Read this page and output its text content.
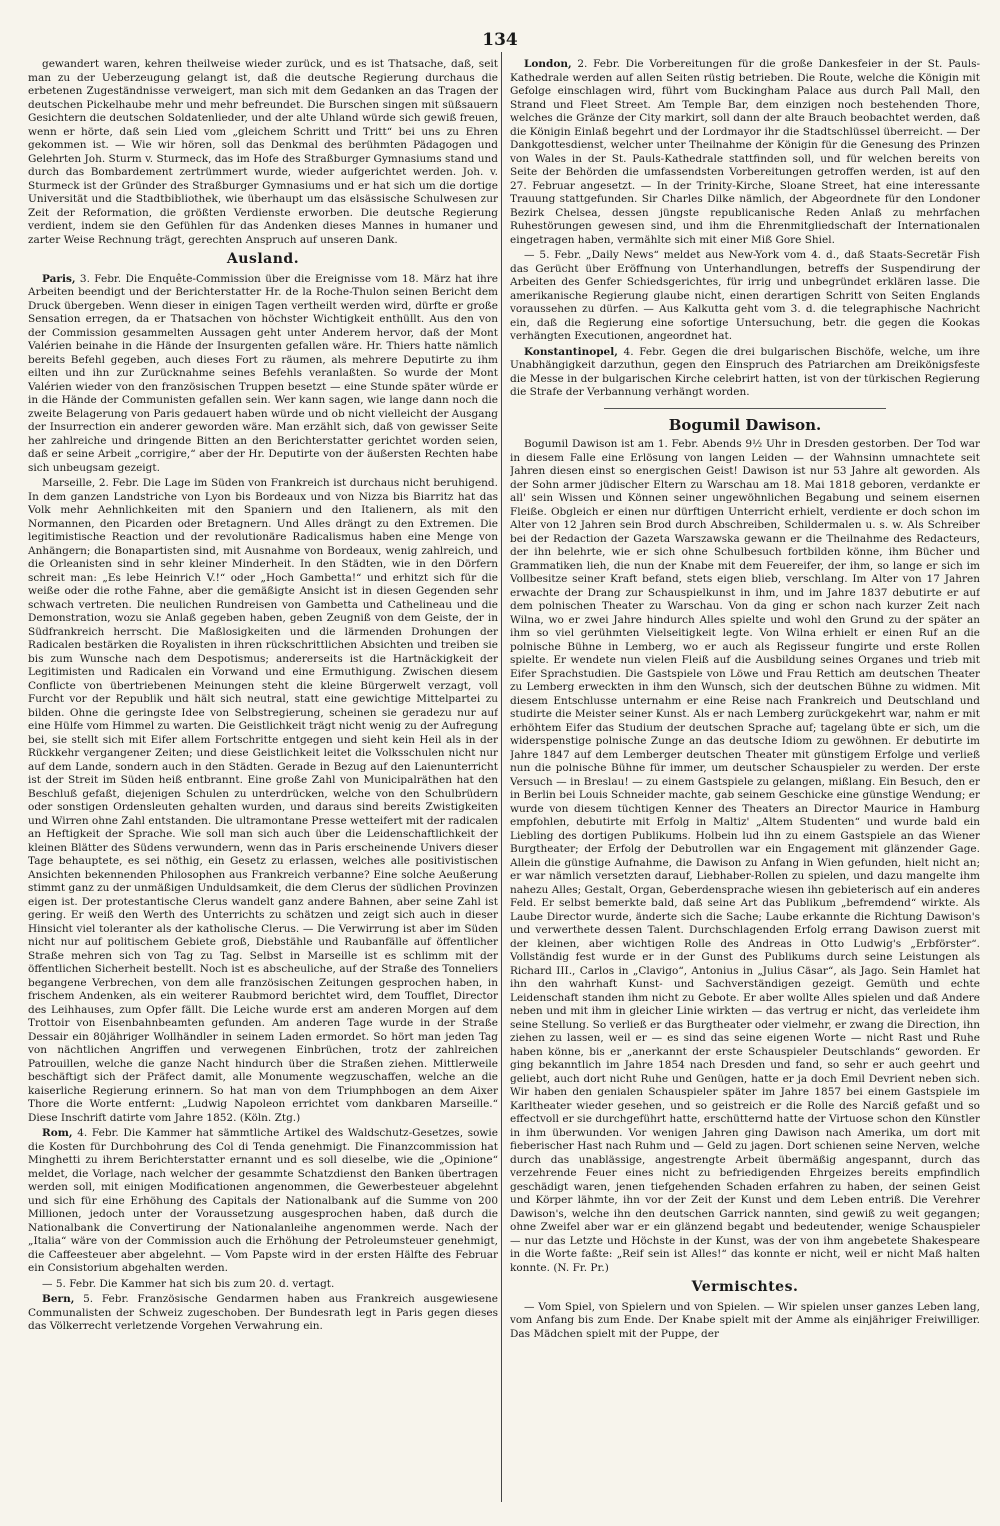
134

gewandert waren, kehren theilweise wieder zurück, und es ist Thatsache, daß, seit man zu der Ueberzeugung gelangt ist, daß die deutsche Regierung durchaus die erbetenen Zugeständnisse verweigert, man sich mit dem Gedanken an das Tragen der deutschen Pickelhaube mehr und mehr befreundet. Die Burschen singen mit süßsauern Gesichtern die deutschen Soldatenlieder, und der alte Uhland würde sich gewiß freuen, wenn er hörte, daß sein Lied vom „gleichem Schritt und Tritt“ bei uns zu Ehren gekommen ist. — Wie wir hören, soll das Denkmal des berühmten Pädagogen und Gelehrten Joh. Sturm v. Sturmeck, das im Hofe des Straßburger Gymnasiums stand und durch das Bombardement zertrümmert wurde, wieder aufgerichtet werden. Joh. v. Sturmeck ist der Gründer des Straßburger Gymnasiums und er hat sich um die dortige Universität und die Stadtbibliothek, wie überhaupt um das elsässische Schulwesen zur Zeit der Reformation, die größten Verdienste erworben. Die deutsche Regierung verdient, indem sie den Gefühlen für das Andenken dieses Mannes in humaner und zarter Weise Rechnung trägt, gerechten Anspruch auf unseren Dank.

Ausland.

Paris, 3. Febr. Die Enquête-Commission über die Ereignisse vom 18. März hat ihre Arbeiten beendigt und der Berichterstatter Hr. de la Roche-Thulon seinen Bericht dem Druck übergeben. Wenn dieser in einigen Tagen vertheilt werden wird, dürfte er große Sensation erregen, da er Thatsachen von höchster Wichtigkeit enthüllt. Aus den von der Commission gesammelten Aussagen geht unter Anderem hervor, daß der Mont Valérien beinahe in die Hände der Insurgenten gefallen wäre. Hr. Thiers hatte nämlich bereits Befehl gegeben, auch dieses Fort zu räumen, als mehrere Deputirte zu ihm eilten und ihn zur Zurücknahme seines Befehls veranlaßten. So wurde der Mont Valérien wieder von den französischen Truppen besetzt — eine Stunde später würde er in die Hände der Communisten gefallen sein. Wer kann sagen, wie lange dann noch die zweite Belagerung von Paris gedauert haben würde und ob nicht vielleicht der Ausgang der Insurrection ein anderer geworden wäre. Man erzählt sich, daß von gewisser Seite her zahlreiche und dringende Bitten an den Berichterstatter gerichtet worden seien, daß er seine Arbeit „corrigire,“ aber der Hr. Deputirte von der äußersten Rechten habe sich unbeugsam gezeigt.

Marseille, 2. Febr. Die Lage im Süden von Frankreich ist durchaus nicht beruhigend. In dem ganzen Landstriche von Lyon bis Bordeaux und von Nizza bis Biarritz hat das Volk mehr Aehnlichkeiten mit den Spaniern und den Italienern, als mit den Normannen, den Picarden oder Bretagnern. Und Alles drängt zu den Extremen. Die legitimistische Reaction und der revolutionäre Radicalismus haben eine Menge von Anhängern; die Bonapartisten sind, mit Ausnahme von Bordeaux, wenig zahlreich, und die Orleanisten sind in sehr kleiner Minderheit. In den Städten, wie in den Dörfern schreit man: „Es lebe Heinrich V.!“ oder „Hoch Gambetta!“ und erhitzt sich für die weiße oder die rothe Fahne, aber die gemäßigte Ansicht ist in diesen Gegenden sehr schwach vertreten. Die neulichen Rundreisen von Gambetta und Cathelineau und die Demonstration, wozu sie Anlaß gegeben haben, geben Zeugniß von dem Geiste, der in Südfrankreich herrscht. Die Maßlosigkeiten und die lärmenden Drohungen der Radicalen bestärken die Royalisten in ihren rückschrittlichen Absichten und treiben sie bis zum Wunsche nach dem Despotismus; andererseits ist die Hartnäckigkeit der Legitimisten und Radicalen ein Vorwand und eine Ermuthigung. Zwischen diesem Conflicte von übertriebenen Meinungen steht die kleine Bürgerwelt verzagt, voll Furcht vor der Republik und hält sich neutral, statt eine gewichtige Mittelpartei zu bilden. Ohne die geringste Idee von Selbstregierung, scheinen sie geradezu nur auf eine Hülfe vom Himmel zu warten. Die Geistlichkeit trägt nicht wenig zu der Aufregung bei, sie stellt sich mit Eifer allem Fortschritte entgegen und sieht kein Heil als in der Rückkehr vergangener Zeiten; und diese Geistlichkeit leitet die Volksschulen nicht nur auf dem Lande, sondern auch in den Städten. Gerade in Bezug auf den Laienunterricht ist der Streit im Süden heiß entbrannt. Eine große Zahl von Municipalräthen hat den Beschluß gefaßt, diejenigen Schulen zu unterdrücken, welche von den Schulbrüdern oder sonstigen Ordensleuten gehalten wurden, und daraus sind bereits Zwistigkeiten und Wirren ohne Zahl entstanden. Die ultramontane Presse wetteifert mit der radicalen an Heftigkeit der Sprache. Wie soll man sich auch über die Leidenschaftlichkeit der kleinen Blätter des Südens verwundern, wenn das in Paris erscheinende Univers dieser Tage behauptete, es sei nöthig, ein Gesetz zu erlassen, welches alle positivistischen Ansichten bekennenden Philosophen aus Frankreich verbanne? Eine solche Aeußerung stimmt ganz zu der unmäßigen Unduldsamkeit, die dem Clerus der südlichen Provinzen eigen ist. Der protestantische Clerus wandelt ganz andere Bahnen, aber seine Zahl ist gering. Er weiß den Werth des Unterrichts zu schätzen und zeigt sich auch in dieser Hinsicht viel toleranter als der katholische Clerus. — Die Verwirrung ist aber im Süden nicht nur auf politischem Gebiete groß, Diebstähle und Raubanfälle auf öffentlicher Straße mehren sich von Tag zu Tag. Selbst in Marseille ist es schlimm mit der öffentlichen Sicherheit bestellt. Noch ist es abscheuliche, auf der Straße des Tonneliers begangene Verbrechen, von dem alle französischen Zeitungen gesprochen haben, in frischem Andenken, als ein weiterer Raubmord berichtet wird, dem Toufflet, Director des Leihhauses, zum Opfer fällt. Die Leiche wurde erst am anderen Morgen auf dem Trottoir von Eisenbahnbeamten gefunden. Am anderen Tage wurde in der Straße Dessair ein 80jähriger Wollhändler in seinem Laden ermordet. So hört man jeden Tag von nächtlichen Angriffen und verwegenen Einbrüchen, trotz der zahlreichen Patrouillen, welche die ganze Nacht hindurch über die Straßen ziehen. Mittlerweile beschäftigt sich der Präfect damit, alle Monumente wegzuschaffen, welche an die kaiserliche Regierung erinnern. So hat man von dem Triumphbogen an dem Aixer Thore die Worte entfernt: „Ludwig Napoleon errichtet vom dankbaren Marseille.“ Diese Inschrift datirte vom Jahre 1852. (Köln. Ztg.)

Rom, 4. Febr. Die Kammer hat sämmtliche Artikel des Waldschutz-Gesetzes, sowie die Kosten für Durchbohrung des Col di Tenda genehmigt. Die Finanzcommission hat Minghetti zu ihrem Berichterstatter ernannt und es soll dieselbe, wie die „Opinione“ meldet, die Vorlage, nach welcher der gesammte Schatzdienst den Banken übertragen werden soll, mit einigen Modificationen angenommen, die Gewerbesteuer abgelehnt und sich für eine Erhöhung des Capitals der Nationalbank auf die Summe von 200 Millionen, jedoch unter der Voraussetzung ausgesprochen haben, daß durch die Nationalbank die Convertirung der Nationalanleihe angenommen werde. Nach der „Italia“ wäre von der Commission auch die Erhöhung der Petroleumsteuer genehmigt, die Caffeesteuer aber abgelehnt. — Vom Papste wird in der ersten Hälfte des Februar ein Consistorium abgehalten werden.

— 5. Febr. Die Kammer hat sich bis zum 20. d. vertagt.

Bern, 5. Febr. Französische Gendarmen haben aus Frankreich ausgewiesene Communalisten der Schweiz zugeschoben. Der Bundesrath legt in Paris gegen dieses das Völkerrecht verletzende Vorgehen Verwahrung ein.

London, 2. Febr. Die Vorbereitungen für die große Dankesfeier in der St. Pauls-Kathedrale werden auf allen Seiten rüstig betrieben. Die Route, welche die Königin mit Gefolge einschlagen wird, führt vom Buckingham Palace aus durch Pall Mall, den Strand und Fleet Street. Am Temple Bar, dem einzigen noch bestehenden Thore, welches die Gränze der City markirt, soll dann der alte Brauch beobachtet werden, daß die Königin Einlaß begehrt und der Lordmayor ihr die Stadtschlüssel überreicht. — Der Dankgottesdienst, welcher unter Theilnahme der Königin für die Genesung des Prinzen von Wales in der St. Pauls-Kathedrale stattfinden soll, und für welchen bereits von Seite der Behörden die umfassendsten Vorbereitungen getroffen werden, ist auf den 27. Februar angesetzt. — In der Trinity-Kirche, Sloane Street, hat eine interessante Trauung stattgefunden. Sir Charles Dilke nämlich, der Abgeordnete für den Londoner Bezirk Chelsea, dessen jüngste republicanische Reden Anlaß zu mehrfachen Ruhestörungen gewesen sind, und ihm die Ehrenmitgliedschaft der Internationalen eingetragen haben, vermählte sich mit einer Miß Gore Shiel.

— 5. Febr. „Daily News“ meldet aus New-York vom 4. d., daß Staats-Secretär Fish das Gerücht über Eröffnung von Unterhandlungen, betreffs der Suspendirung der Arbeiten des Genfer Schiedsgerichtes, für irrig und unbegründet erklären lasse. Die amerikanische Regierung glaube nicht, einen derartigen Schritt von Seiten Englands voraussehen zu dürfen. — Aus Kalkutta geht vom 3. d. die telegraphische Nachricht ein, daß die Regierung eine sofortige Untersuchung, betr. die gegen die Kookas verhängten Executionen, angeordnet hat.

Konstantinopel, 4. Febr. Gegen die drei bulgarischen Bischöfe, welche, um ihre Unabhängigkeit darzuthun, gegen den Einspruch des Patriarchen am Dreikönigsfeste die Messe in der bulgarischen Kirche celebrirt hatten, ist von der türkischen Regierung die Strafe der Verbannung verhängt worden.

Bogumil Dawison.

Bogumil Dawison ist am 1. Febr. Abends 9½ Uhr in Dresden gestorben. Der Tod war in diesem Falle eine Erlösung von langen Leiden — der Wahnsinn umnachtete seit Jahren diesen einst so energischen Geist! Dawison ist nur 53 Jahre alt geworden. Als der Sohn armer jüdischer Eltern zu Warschau am 18. Mai 1818 geboren, verdankte er all' sein Wissen und Können seiner ungewöhnlichen Begabung und seinem eisernen Fleiße. Obgleich er einen nur dürftigen Unterricht erhielt, verdiente er doch schon im Alter von 12 Jahren sein Brod durch Abschreiben, Schildermalen u. s. w. Als Schreiber bei der Redaction der Gazeta Warszawska gewann er die Theilnahme des Redacteurs, der ihn belehrte, wie er sich ohne Schulbesuch fortbilden könne, ihm Bücher und Grammatiken lieh, die nun der Knabe mit dem Feuereifer, der ihm, so lange er sich im Vollbesitze seiner Kraft befand, stets eigen blieb, verschlang. Im Alter von 17 Jahren erwachte der Drang zur Schauspielkunst in ihm, und im Jahre 1837 debutirte er auf dem polnischen Theater zu Warschau. Von da ging er schon nach kurzer Zeit nach Wilna, wo er zwei Jahre hindurch Alles spielte und wohl den Grund zu der später an ihm so viel gerühmten Vielseitigkeit legte. Von Wilna erhielt er einen Ruf an die polnische Bühne in Lemberg, wo er auch als Regisseur fungirte und erste Rollen spielte. Er wendete nun vielen Fleiß auf die Ausbildung seines Organes und trieb mit Eifer Sprachstudien. Die Gastspiele von Löwe und Frau Rettich am deutschen Theater zu Lemberg erweckten in ihm den Wunsch, sich der deutschen Bühne zu widmen. Mit diesem Entschlusse unternahm er eine Reise nach Frankreich und Deutschland und studirte die Meister seiner Kunst. Als er nach Lemberg zurückgekehrt war, nahm er mit erhöhtem Eifer das Studium der deutschen Sprache auf; tagelang übte er sich, um die widerspenstige polnische Zunge an das deutsche Idiom zu gewöhnen. Er debutirte im Jahre 1847 auf dem Lemberger deutschen Theater mit günstigem Erfolge und verließ nun die polnische Bühne für immer, um deutscher Schauspieler zu werden. Der erste Versuch — in Breslau! — zu einem Gastspiele zu gelangen, mißlang. Ein Besuch, den er in Berlin bei Louis Schneider machte, gab seinem Geschicke eine günstige Wendung; er wurde von diesem tüchtigen Kenner des Theaters an Director Maurice in Hamburg empfohlen, debutirte mit Erfolg in Maltiz' „Altem Studenten“ und wurde bald ein Liebling des dortigen Publikums. Holbein lud ihn zu einem Gastspiele an das Wiener Burgtheater; der Erfolg der Debutrollen war ein Engagement mit glänzender Gage. Allein die günstige Aufnahme, die Dawison zu Anfang in Wien gefunden, hielt nicht an; er war nämlich versetzten darauf, Liebhaber-Rollen zu spielen, und dazu mangelte ihm nahezu Alles; Gestalt, Organ, Geberdensprache wiesen ihn gebieterisch auf ein anderes Feld. Er selbst bemerkte bald, daß seine Art das Publikum „befremdend“ wirkte. Als Laube Director wurde, änderte sich die Sache; Laube erkannte die Richtung Dawison's und verwerthete dessen Talent. Durchschlagenden Erfolg errang Dawison zuerst mit der kleinen, aber wichtigen Rolle des Andreas in Otto Ludwig's „Erbförster“. Vollständig fest wurde er in der Gunst des Publikums durch seine Leistungen als Richard III., Carlos in „Clavigo“, Antonius in „Julius Cäsar“, als Jago. Sein Hamlet hat ihn den wahrhaft Kunst- und Sachverständigen gezeigt. Gemüth und echte Leidenschaft standen ihm nicht zu Gebote. Er aber wollte Alles spielen und daß Andere neben und mit ihm in gleicher Linie wirkten — das vertrug er nicht, das verleidete ihm seine Stellung. So verließ er das Burgtheater oder vielmehr, er zwang die Direction, ihn ziehen zu lassen, weil er — es sind das seine eigenen Worte — nicht Rast und Ruhe haben könne, bis er „anerkannt der erste Schauspieler Deutschlands“ geworden. Er ging bekanntlich im Jahre 1854 nach Dresden und fand, so sehr er auch geehrt und geliebt, auch dort nicht Ruhe und Genügen, hatte er ja doch Emil Devrient neben sich. Wir haben den genialen Schauspieler später im Jahre 1857 bei einem Gastspiele im Karltheater wieder gesehen, und so geistreich er die Rolle des Narciß gefaßt und so effectvoll er sie durchgeführt hatte, erschütternd hatte der Virtuose schon den Künstler in ihm überwunden. Vor wenigen Jahren ging Dawison nach Amerika, um dort mit fieberischer Hast nach Ruhm und — Geld zu jagen. Dort schienen seine Nerven, welche durch das unablässige, angestrengte Arbeit übermäßig angespannt, durch das verzehrende Feuer eines nicht zu befriedigenden Ehrgeizes bereits empfindlich geschädigt waren, jenen tiefgehenden Schaden erfahren zu haben, der seinen Geist und Körper lähmte, ihn vor der Zeit der Kunst und dem Leben entriß. Die Verehrer Dawison's, welche ihn den deutschen Garrick nannten, sind gewiß zu weit gegangen; ohne Zweifel aber war er ein glänzend begabt und bedeutender, wenige Schauspieler — nur das Letzte und Höchste in der Kunst, was der von ihm angebetete Shakespeare in die Worte faßte: „Reif sein ist Alles!“ das konnte er nicht, weil er nicht Maß halten konnte. (N. Fr. Pr.)

Vermischtes.

— Vom Spiel, von Spielern und von Spielen. — Wir spielen unser ganzes Leben lang, vom Anfang bis zum Ende. Der Knabe spielt mit der Amme als einjähriger Freiwilliger. Das Mädchen spielt mit der Puppe, der
